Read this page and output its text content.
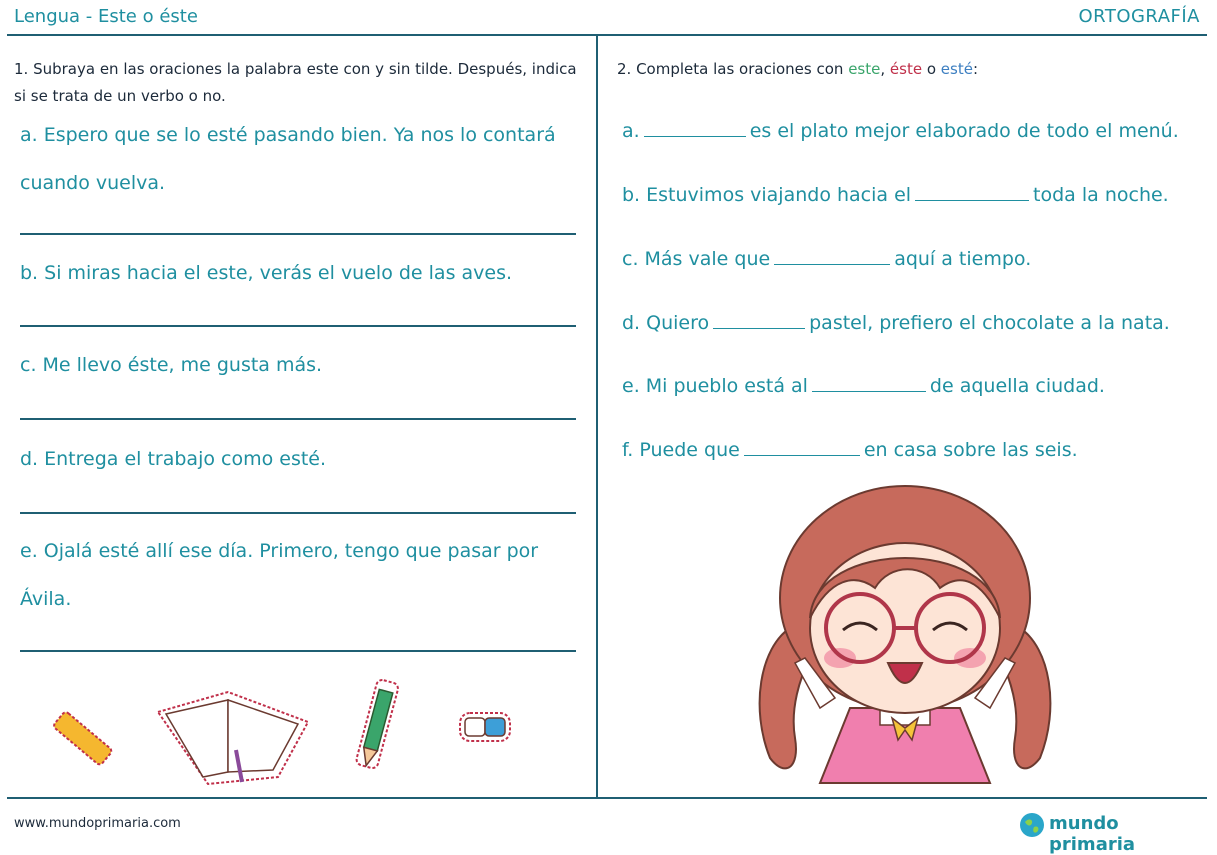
Lengua - Este o éste	ORTOGRAFÍA
1. Subraya en las oraciones la palabra este con y sin tilde. Después, indica si se trata de un verbo o no.
a. Espero que se lo esté pasando bien. Ya nos lo contará cuando vuelva.
b. Si miras hacia el este, verás el vuelo de las aves.
c. Me llevo éste, me gusta más.
d. Entrega el trabajo como esté.
e. Ojalá esté allí ese día. Primero, tengo que pasar por Ávila.
2. Completa las oraciones con este, éste o esté:
a.	es el plato mejor elaborado de todo el menú.
b. Estuvimos viajando hacia el	toda la noche.
c. Más vale que	aquí a tiempo.
d. Quiero	pastel, prefiero el chocolate a la nata.
e. Mi pueblo está al	de aquella ciudad.
f. Puede que	en casa sobre las seis.
www.mundoprimaria.com	mundo primaria
